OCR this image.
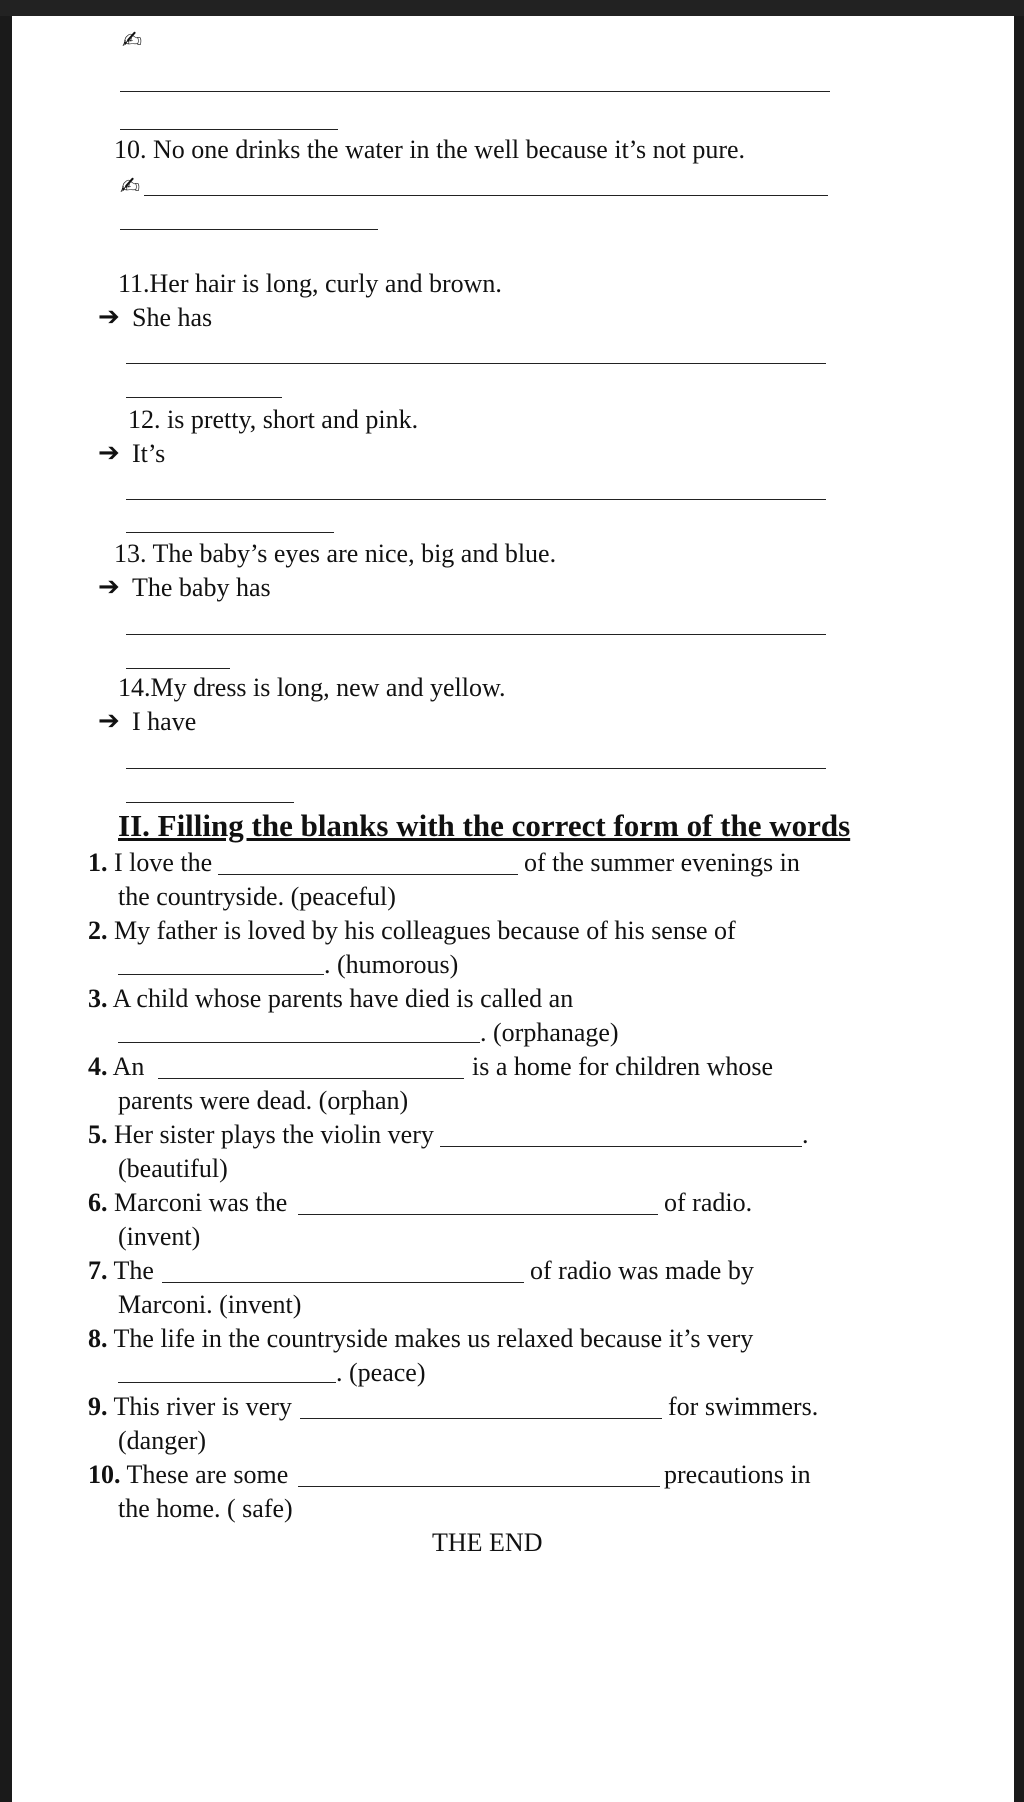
✍
10. No one drinks the water in the well because it’s not pure.
✍
11.Her hair is long, curly and brown.
➔ She has
12. is pretty, short and pink.
➔ It’s
13. The baby’s eyes are nice, big and blue.
➔ The baby has
14.My dress is long, new and yellow.
➔ I have
II. Filling the blanks with the correct form of the words
1. I love the	of the summer evenings in
the countryside. (peaceful)
2. My father is loved by his colleagues because of his sense of
. (humorous)
3. A child whose parents have died is called an
. (orphanage)
4. An	is a home for children whose
parents were dead. (orphan)
5. Her sister plays the violin very	.
(beautiful)
6. Marconi was the	of radio.
(invent)
7. The	of radio was made by
Marconi. (invent)
8. The life in the countryside makes us relaxed because it’s very
. (peace)
9. This river is very	for swimmers.
(danger)
10. These are some	precautions in
the home. ( safe)
THE END
